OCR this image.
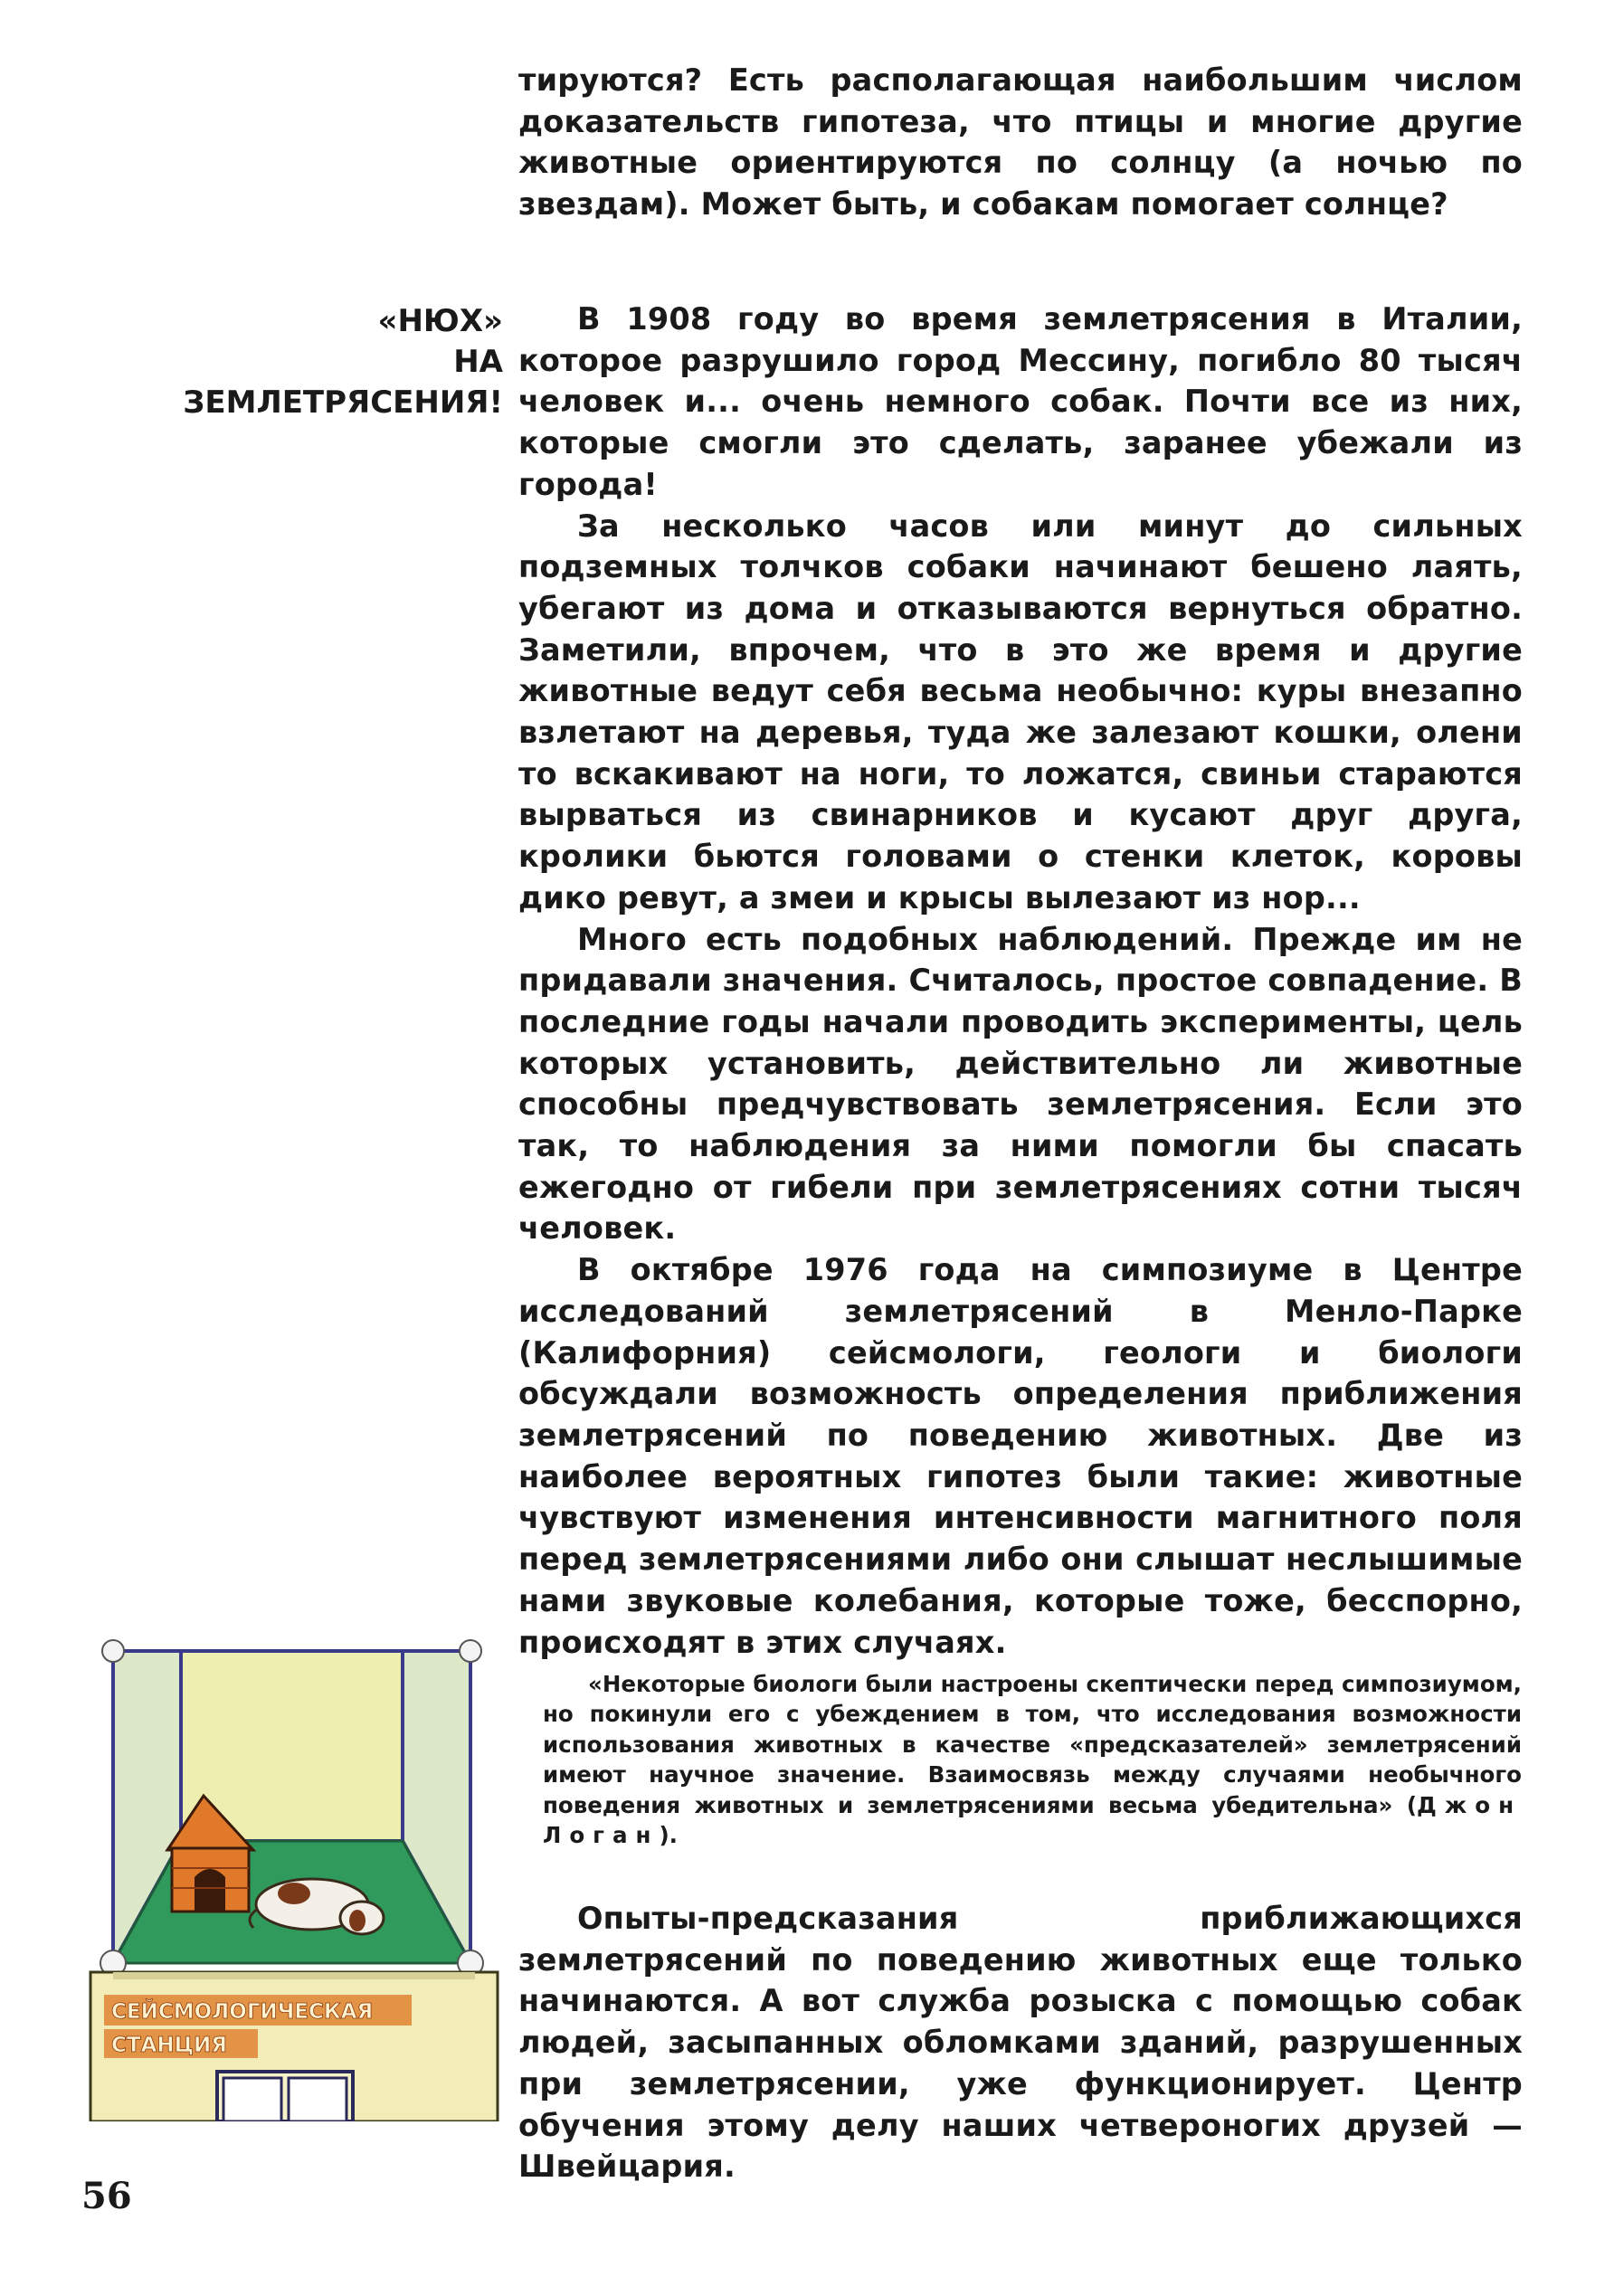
тируются? Есть располагающая наибольшим числом доказательств гипотеза, что птицы и многие другие животные ориентируются по солнцу (а ночью по звездам). Может быть, и собакам помогает солнце?

«НЮХ»
НА
ЗЕМЛЕТРЯСЕНИЯ!

В 1908 году во время землетрясения в Италии, которое разрушило город Мессину, погибло 80 тысяч человек и... очень немного собак. Почти все из них, которые смогли это сделать, заранее убежали из города!

За несколько часов или минут до сильных подземных толчков собаки начинают бешено лаять, убегают из дома и отказываются вернуться обратно. Заметили, впрочем, что в это же время и другие животные ведут себя весьма необычно: куры внезапно взлетают на деревья, туда же залезают кошки, олени то вскакивают на ноги, то ложатся, свиньи стараются вырваться из свинарников и кусают друг друга, кролики бьются головами о стенки клеток, коровы дико ревут, а змеи и крысы вылезают из нор...

Много есть подобных наблюдений. Прежде им не придавали значения. Считалось, простое совпадение. В последние годы начали проводить эксперименты, цель которых установить, действительно ли животные способны предчувствовать землетрясения. Если это так, то наблюдения за ними помогли бы спасать ежегодно от гибели при землетрясениях сотни тысяч человек.

В октябре 1976 года на симпозиуме в Центре исследований землетрясений в Менло-Парке (Калифорния) сейсмологи, геологи и биологи обсуждали возможность определения приближения землетрясений по поведению животных. Две из наиболее вероятных гипотез были такие: животные чувствуют изменения интенсивности магнитного поля перед землетрясениями либо они слышат неслышимые нами звуковые колебания, которые тоже, бесспорно, происходят в этих случаях.

«Некоторые биологи были настроены скептически перед симпозиумом, но покинули его с убеждением в том, что исследования возможности использования животных в качестве «предсказателей» землетрясений имеют научное значение. Взаимосвязь между случаями необычного поведения животных и землетрясениями весьма убедительна» (Джон Логан).

Опыты-предсказания приближающихся землетрясений по поведению животных еще только начинаются. А вот служба розыска с помощью собак людей, засыпанных обломками зданий, разрушенных при землетрясении, уже функционирует. Центр обучения этому делу наших четвероногих друзей — Швейцария.

СЕЙСМОЛОГИЧЕСКАЯ
СТАНЦИЯ
56
